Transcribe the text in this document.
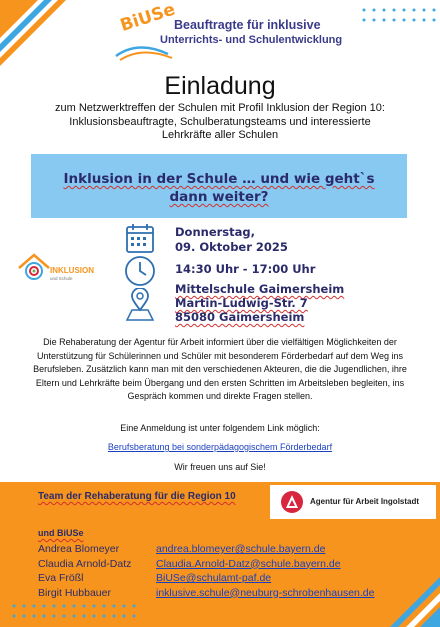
BiUSe
Beauftragte für inklusive
Unterrichts- und Schulentwicklung
Einladung
zum Netzwerktreffen der Schulen mit Profil Inklusion der Region 10: Inklusionsbeauftragte, Schulberatungsteams und interessierte Lehrkräfte aller Schulen
Inklusion in der Schule … und wie geht`s dann weiter?
INKLUSION
und Schule
Donnerstag,
09. Oktober 2025
14:30 Uhr - 17:00 Uhr
Mittelschule Gaimersheim
Martin-Ludwig-Str. 7
85080 Gaimersheim
Die Rehaberatung der Agentur für Arbeit informiert über die vielfältigen Möglichkeiten der Unterstützung für Schülerinnen und Schüler mit besonderem Förderbedarf auf dem Weg ins Berufsleben. Zusätzlich kann man mit den verschiedenen Akteuren, die die Jugendlichen, ihre Eltern und Lehrkräfte beim Übergang und den ersten Schritten im Arbeitsleben begleiten, ins Gespräch kommen und direkte Fragen stellen.
Eine Anmeldung ist unter folgendem Link möglich:
Berufsberatung bei sonderpädagogischem Förderbedarf
Wir freuen uns auf Sie!
Team der Rehaberatung für die Region 10	Agentur für Arbeit Ingolstadt
und BiUSe
Andrea Blomeyer
Claudia Arnold-Datz
Eva Frößl
Birgit Hubbauer
andrea.blomeyer@schule.bayern.de
Claudia.Arnold-Datz@schule.bayern.de
BiUSe@schulamt-paf.de
inklusive.schule@neuburg-schrobenhausen.de
